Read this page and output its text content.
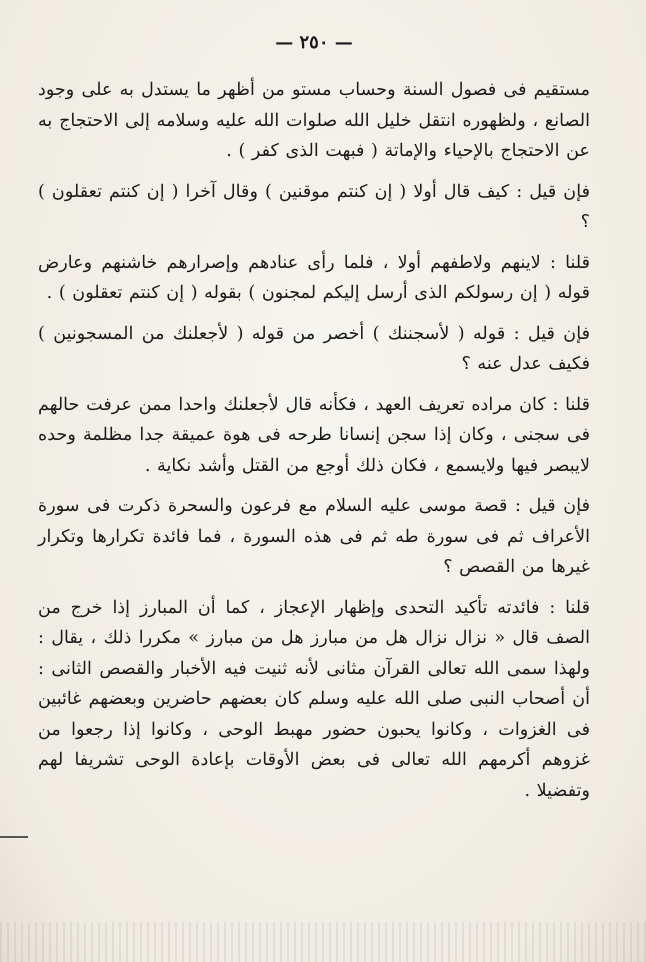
— ٢٥٠ —

مستقيم فى فصول السنة وحساب مستو من أظهر ما يستدل به على وجود الصانع ، ولظهوره انتقل خليل الله صلوات الله عليه وسلامه إلى الاحتجاج به عن الاحتجاج بالإحياء والإماتة ( فبهت الذى كفر ) .

فإن قيل : كيف قال أولا ( إن كنتم موقنين ) وقال آخرا ( إن كنتم تعقلون ) ؟

قلنا : لاينهم ولاطفهم أولا ، فلما رأى عنادهم وإصرارهم خاشنهم وعارض قوله ( إن رسولكم الذى أرسل إليكم لمجنون ) بقوله ( إن كنتم تعقلون ) .

فإن قيل : قوله ( لأسجننك ) أخصر من قوله ( لأجعلنك من المسجونين ) فكيف عدل عنه ؟

قلنا : كان مراده تعريف العهد ، فكأنه قال لأجعلنك واحدا ممن عرفت حالهم فى سجنى ، وكان إذا سجن إنسانا طرحه فى هوة عميقة جدا مظلمة وحده لايبصر فيها ولايسمع ، فكان ذلك أوجع من القتل وأشد نكاية .

فإن قيل : قصة موسى عليه السلام مع فرعون والسحرة ذكرت فى سورة الأعراف ثم فى سورة طه ثم فى هذه السورة ، فما فائدة تكرارها وتكرار غيرها من القصص ؟

قلنا : فائدته تأكيد التحدى وإظهار الإعجاز ، كما أن المبارز إذا خرج من الصف قال « نزال نزال هل من مبارز هل من مبارز » مكررا ذلك ، يقال : ولهذا سمى الله تعالى القرآن مثانى لأنه ثنيت فيه الأخبار والقصص الثانى : أن أصحاب النبى صلى الله عليه وسلم كان بعضهم حاضرين وبعضهم غائبين فى الغزوات ، وكانوا يحبون حضور مهبط الوحى ، وكانوا إذا رجعوا من غزوهم أكرمهم الله تعالى فى بعض الأوقات بإعادة الوحى تشريفا لهم وتفضيلا .
